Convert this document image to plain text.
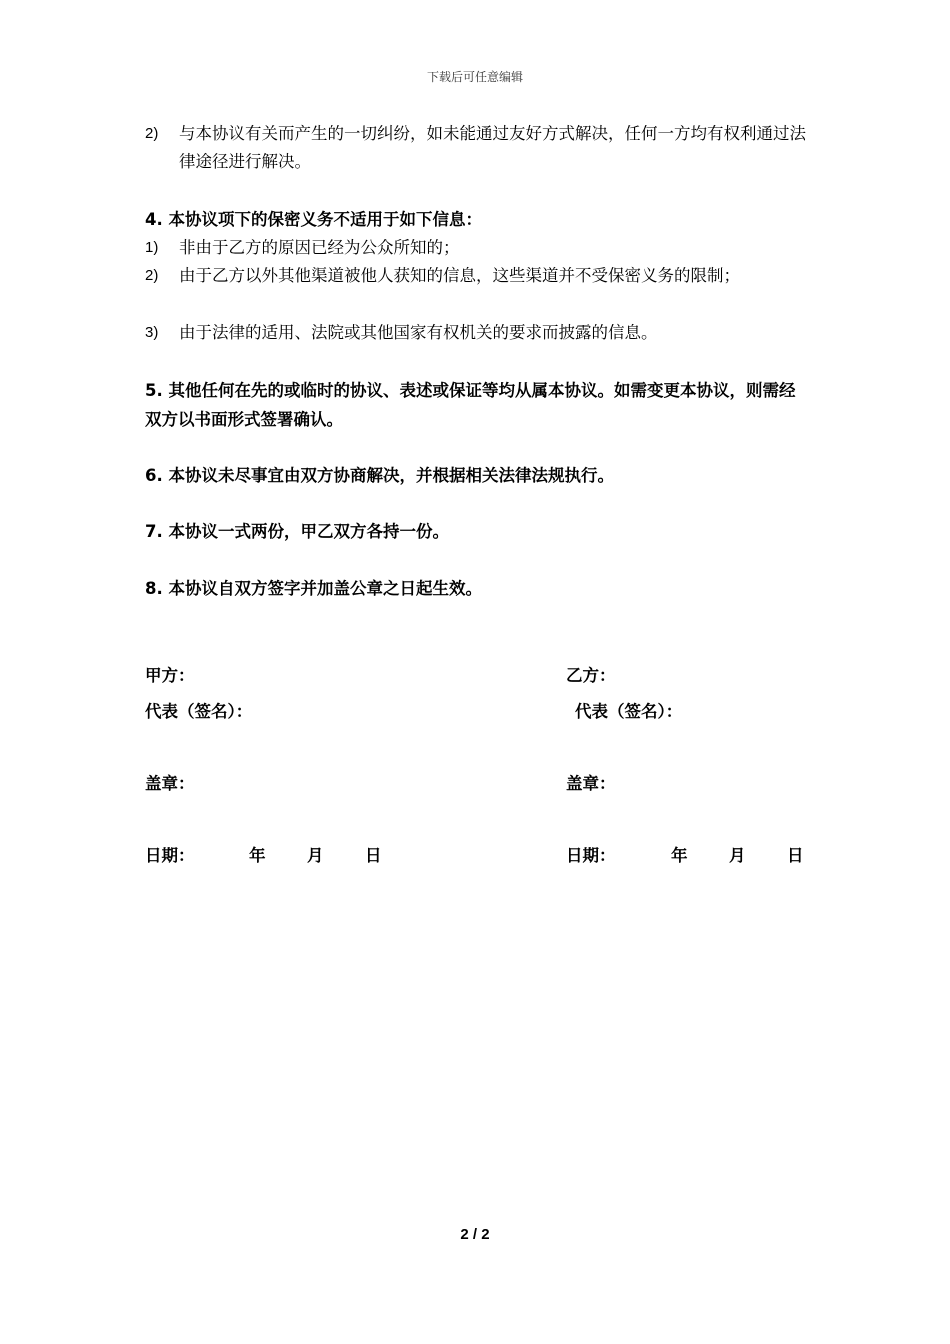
下载后可任意编辑
2) 与本协议有关而产生的一切纠纷，如未能通过友好方式解决，任何一方均有权利通过法律途径进行解决。
4. 本协议项下的保密义务不适用于如下信息：
1) 非由于乙方的原因已经为公众所知的；
2) 由于乙方以外其他渠道被他人获知的信息，这些渠道并不受保密义务的限制；
3) 由于法律的适用、法院或其他国家有权机关的要求而披露的信息。
5. 其他任何在先的或临时的协议、表述或保证等均从属本协议。如需变更本协议，则需经双方以书面形式签署确认。
6. 本协议未尽事宜由双方协商解决，并根据相关法律法规执行。
7. 本协议一式两份，甲乙双方各持一份。
8. 本协议自双方签字并加盖公章之日起生效。
甲方：
代表（签名）：
盖章：
日期：	年	月	日
乙方：
代表（签名）：
盖章：
日期：	年	月	日
2 / 2
